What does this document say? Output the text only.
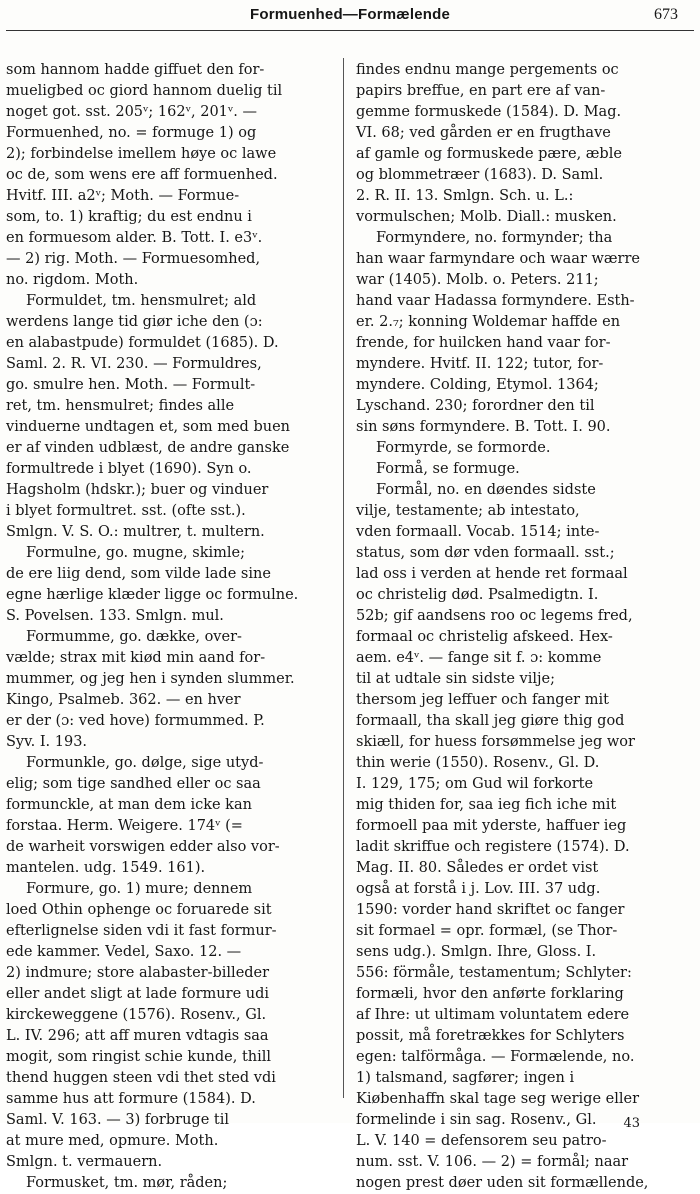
Formuenhed—Formælende	673
som hannom hadde giffuet den for-
mueligbed oc giord hannom duelig til
noget got. sst. 205ᵛ; 162ᵛ, 201ᵛ. —
Formuenhed, no. = formuge 1) og
2); forbindelse imellem høye oc lawe
oc de, som wens ere aff formuenhed.
Hvitf. III. a2ᵛ; Moth. — Formue-
som, to. 1) kraftig; du est endnu i
en formuesom alder. B. Tott. I. e3ᵛ.
— 2) rig. Moth. — Formuesomhed,
no. rigdom. Moth.
Formuldet, tm. hensmulret; ald
werdens lange tid giør iche den (ɔ:
en alabastpude) formuldet (1685). D.
Saml. 2. R. VI. 230. — Formuldres,
go. smulre hen. Moth. — Formult-
ret, tm. hensmulret; findes alle
vinduerne undtagen et, som med buen
er af vinden udblæst, de andre ganske
formultrede i blyet (1690). Syn o.
Hagsholm (hdskr.); buer og vinduer
i blyet formultret. sst. (ofte sst.).
Smlgn. V. S. O.: multrer, t. multern.
Formulne, go. mugne, skimle;
de ere liig dend, som vilde lade sine
egne hærlige klæder ligge oc formulne.
S. Povelsen. 133. Smlgn. mul.
Formumme, go. dække, over-
vælde; strax mit kiød min aand for-
mummer, og jeg hen i synden slummer.
Kingo, Psalmeb. 362. — en hver
er der (ɔ: ved hove) formummed. P.
Syv. I. 193.
Formunkle, go. dølge, sige utyd-
elig; som tige sandhed eller oc saa
formunckle, at man dem icke kan
forstaa. Herm. Weigere. 174ᵛ (=
de warheit vorswigen edder also vor-
mantelen. udg. 1549. 161).
Formure, go. 1) mure; dennem
loed Othin ophenge oc foruarede sit
efterlignelse siden vdi it fast formur-
ede kammer. Vedel, Saxo. 12. —
2) indmure; store alabaster-billeder
eller andet sligt at lade formure udi
kirckeweggene (1576). Rosenv., Gl.
L. IV. 296; att aff muren vdtagis saa
mogit, som ringist schie kunde, thill
thend huggen steen vdi thet sted vdi
samme hus att formure (1584). D.
Saml. V. 163. — 3) forbruge til
at mure med, opmure. Moth.
Smlgn. t. vermauern.
Formusket, tm. mør, råden;
findes endnu mange pergements oc
papirs breffue, en part ere af van-
gemme formuskede (1584). D. Mag.
VI. 68; ved gården er en frugthave
af gamle og formuskede pære, æble
og blommetræer (1683). D. Saml.
2. R. II. 13. Smlgn. Sch. u. L.:
vormulschen; Molb. Diall.: musken.
Formyndere, no. formynder; tha
han waar farmyndare och waar wærre
war (1405). Molb. o. Peters. 211;
hand vaar Hadassa formyndere. Esth-
er. 2.₇; konning Woldemar haffde en
frende, for huilcken hand vaar for-
myndere. Hvitf. II. 122; tutor, for-
myndere. Colding, Etymol. 1364;
Lyschand. 230; forordner den til
sin søns formyndere. B. Tott. I. 90.
Formyrde, se formorde.
Formå, se formuge.
Formål, no. en døendes sidste
vilje, testamente; ab intestato,
vden formaall. Vocab. 1514; inte-
status, som dør vden formaall. sst.;
lad oss i verden at hende ret formaal
oc christelig død. Psalmedigtn. I.
52b; gif aandsens roo oc legems fred,
formaal oc christelig afskeed. Hex-
aem. e4ᵛ. — fange sit f. ɔ: komme
til at udtale sin sidste vilje;
thersom jeg leffuer och fanger mit
formaall, tha skall jeg giøre thig god
skiæll, for huess forsømmelse jeg wor
thin werie (1550). Rosenv., Gl. D.
I. 129, 175; om Gud wil forkorte
mig thiden for, saa ieg fich iche mit
formoell paa mit yderste, haffuer ieg
ladit skriffue och registere (1574). D.
Mag. II. 80. Således er ordet vist
også at forstå i j. Lov. III. 37 udg.
1590: vorder hand skriftet oc fanger
sit formael = opr. formæl, (se Thor-
sens udg.). Smlgn. Ihre, Gloss. I.
556: förmåle, testamentum; Schlyter:
formæli, hvor den anførte forklaring
af Ihre: ut ultimam voluntatem edere
possit, må foretrækkes for Schlyters
egen: talförmåga. — Formælende, no.
1) talsmand, sagfører; ingen i
Kiøbenhaffn skal tage seg werige eller
formelinde i sin sag. Rosenv., Gl.
L. V. 140 = defensorem seu patro-
num. sst. V. 106. — 2) = formål; naar
nogen prest døer uden sit formællende,
43
